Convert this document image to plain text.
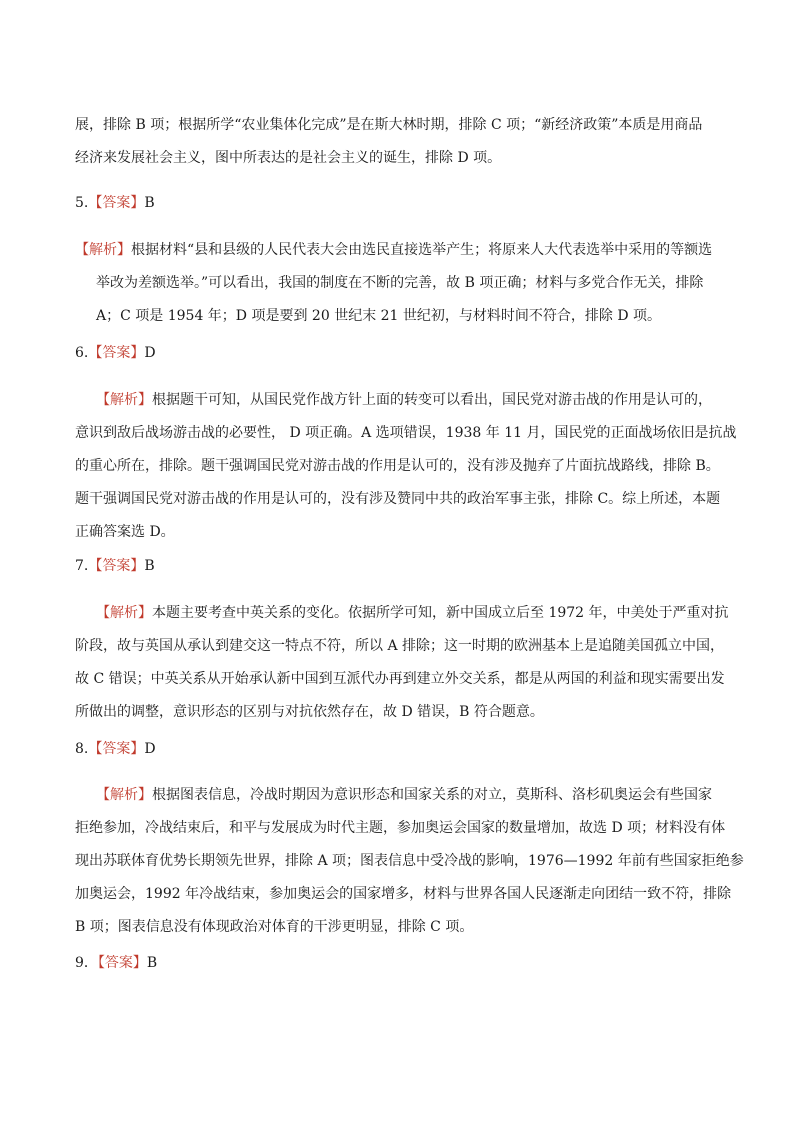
展，排除 B 项；根据所学“农业集体化完成”是在斯大林时期，排除 C 项；“新经济政策”本质是用商品
经济来发展社会主义，图中所表达的是社会主义的诞生，排除 D 项。

5.【答案】B

【解析】根据材料“县和县级的人民代表大会由选民直接选举产生；将原来人大代表选举中采用的等额选
举改为差额选举。”可以看出，我国的制度在不断的完善，故 B 项正确；材料与多党合作无关，排除
A；C 项是 1954 年；D 项是要到 20 世纪末 21 世纪初，与材料时间不符合，排除 D 项。

6.【答案】D

【解析】根据题干可知，从国民党作战方针上面的转变可以看出，国民党对游击战的作用是认可的，
意识到敌后战场游击战的必要性， D 项正确。A 选项错误，1938 年 11 月，国民党的正面战场依旧是抗战
的重心所在，排除。题干强调国民党对游击战的作用是认可的，没有涉及抛弃了片面抗战路线，排除 B。
题干强调国民党对游击战的作用是认可的，没有涉及赞同中共的政治军事主张，排除 C。综上所述，本题
正确答案选 D。

7.【答案】B

【解析】本题主要考查中英关系的变化。依据所学可知，新中国成立后至 1972 年，中美处于严重对抗
阶段，故与英国从承认到建交这一特点不符，所以 A 排除；这一时期的欧洲基本上是追随美国孤立中国，
故 C 错误；中英关系从开始承认新中国到互派代办再到建立外交关系，都是从两国的利益和现实需要出发
所做出的调整，意识形态的区别与对抗依然存在，故 D 错误，B 符合题意。

8.【答案】D

【解析】根据图表信息，冷战时期因为意识形态和国家关系的对立，莫斯科、洛杉矶奥运会有些国家
拒绝参加，冷战结束后，和平与发展成为时代主题，参加奥运会国家的数量增加，故选 D 项；材料没有体
现出苏联体育优势长期领先世界，排除 A 项；图表信息中受冷战的影响，1976—1992 年前有些国家拒绝参
加奥运会，1992 年冷战结束，参加奥运会的国家增多，材料与世界各国人民逐渐走向团结一致不符，排除
B 项；图表信息没有体现政治对体育的干涉更明显，排除 C 项。

9．【答案】B
